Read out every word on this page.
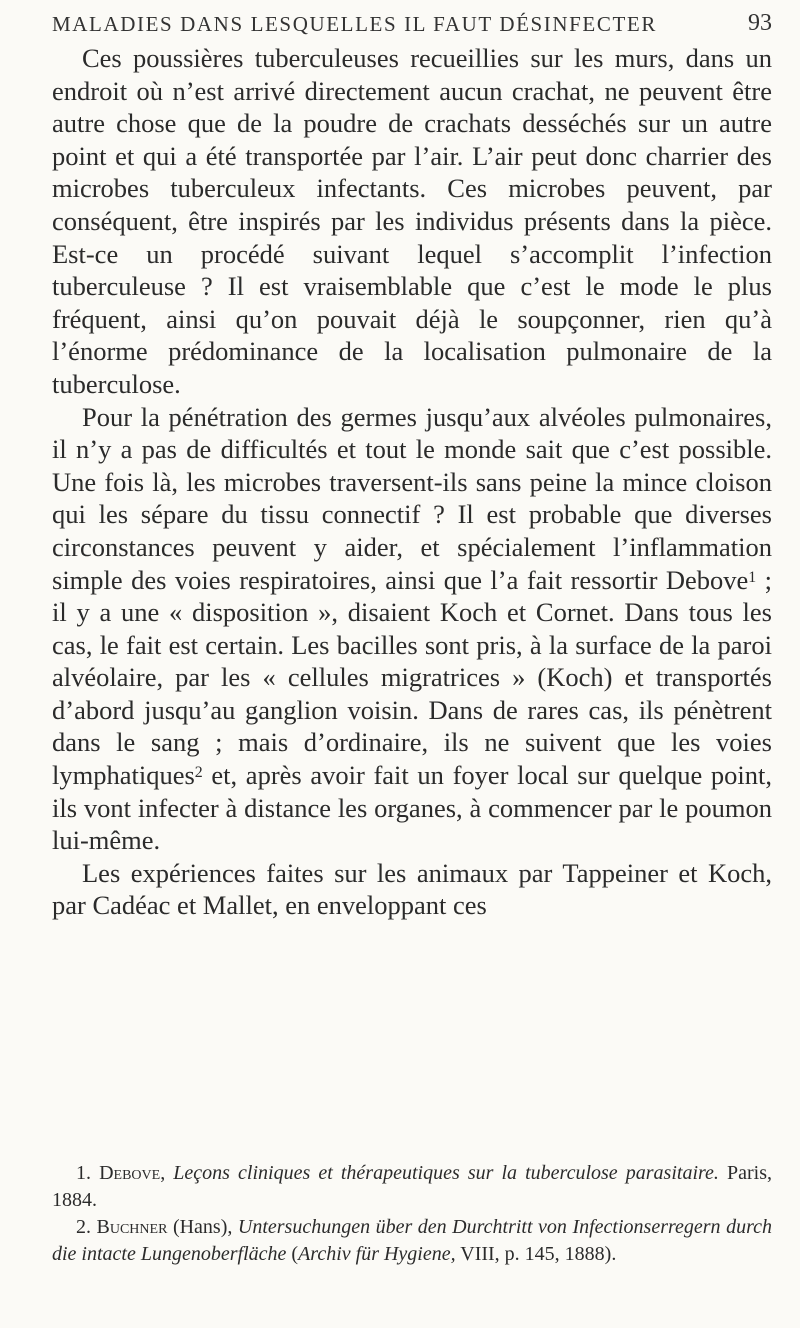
MALADIES DANS LESQUELLES IL FAUT DÉSINFECTER	93

Ces poussières tuberculeuses recueillies sur les murs, dans un endroit où n’est arrivé directement aucun crachat, ne peuvent être autre chose que de la poudre de crachats desséchés sur un autre point et qui a été transportée par l’air. L’air peut donc charrier des microbes tuberculeux infectants. Ces microbes peuvent, par conséquent, être inspirés par les individus présents dans la pièce. Est-ce un procédé suivant lequel s’accomplit l’infection tuberculeuse ? Il est vraisemblable que c’est le mode le plus fréquent, ainsi qu’on pouvait déjà le soupçonner, rien qu’à l’énorme prédominance de la localisation pulmonaire de la tuberculose.

Pour la pénétration des germes jusqu’aux alvéoles pulmonaires, il n’y a pas de difficultés et tout le monde sait que c’est possible. Une fois là, les microbes traversent-ils sans peine la mince cloison qui les sépare du tissu connectif ? Il est probable que diverses circonstances peuvent y aider, et spécialement l’inflammation simple des voies respiratoires, ainsi que l’a fait ressortir Debove$^1$ ; il y a une « disposition », disaient Koch et Cornet. Dans tous les cas, le fait est certain. Les bacilles sont pris, à la surface de la paroi alvéolaire, par les « cellules migratrices » (Koch) et transportés d’abord jusqu’au ganglion voisin. Dans de rares cas, ils pénètrent dans le sang ; mais d’ordinaire, ils ne suivent que les voies lymphatiques$^2$ et, après avoir fait un foyer local sur quelque point, ils vont infecter à distance les organes, à commencer par le poumon lui-même.

Les expériences faites sur les animaux par Tappeiner et Koch, par Cadéac et Mallet, en enveloppant ces

1. Debove, Leçons cliniques et thérapeutiques sur la tuberculose parasitaire. Paris, 1884.

2. Buchner (Hans), Untersuchungen über den Durchtritt von Infectionserregern durch die intacte Lungenoberfläche (Archiv für Hygiene, VIII, p. 145, 1888).
